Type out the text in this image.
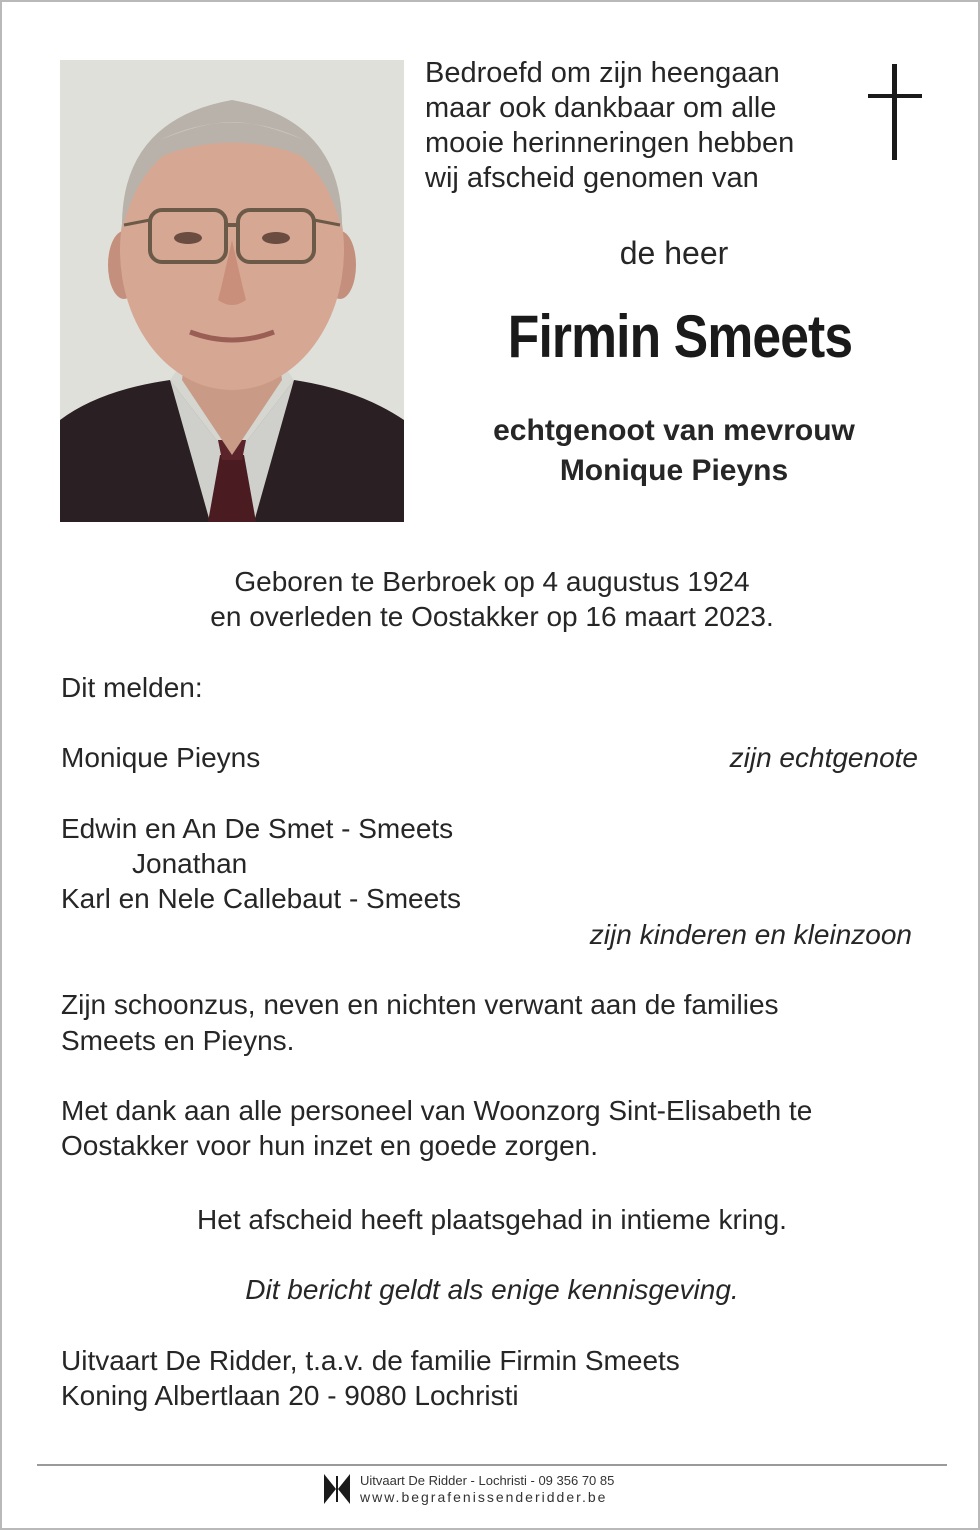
Bedroefd om zijn heengaan
maar ook dankbaar om alle
mooie herinneringen hebben
wij afscheid genomen van
de heer
Firmin Smeets
echtgenoot van mevrouw
Monique Pieyns
Geboren te Berbroek op 4 augustus 1924
en overleden te Oostakker op 16 maart 2023.
Dit melden:
Monique Pieyns	zijn echtgenote
Edwin en An De Smet - Smeets
Jonathan
Karl en Nele Callebaut - Smeets
zijn kinderen en kleinzoon
Zijn schoonzus, neven en nichten verwant aan de families
Smeets en Pieyns.
Met dank aan alle personeel van Woonzorg Sint-Elisabeth te
Oostakker voor hun inzet en goede zorgen.
Het afscheid heeft plaatsgehad in intieme kring.
Dit bericht geldt als enige kennisgeving.
Uitvaart De Ridder, t.a.v. de familie Firmin Smeets
Koning Albertlaan 20 - 9080 Lochristi
Uitvaart De Ridder - Lochristi - 09 356 70 85
www.begrafenissenderidder.be
